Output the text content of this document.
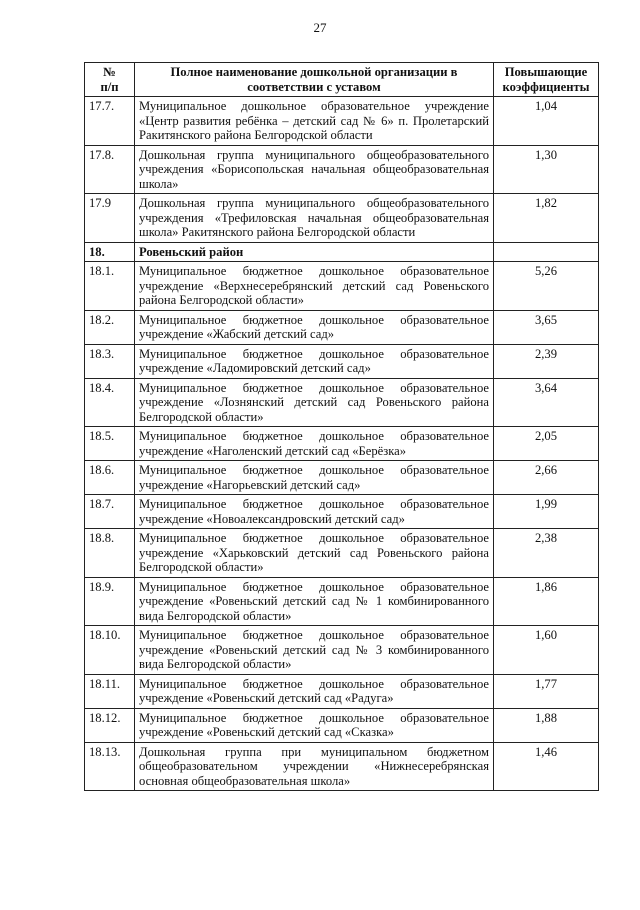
27
№
п/п	Полное наименование дошкольной организации в соответствии с уставом	Повышающие коэффициенты
17.7.	Муниципальное дошкольное образовательное учреждение «Центр развития ребёнка – детский сад № 6» п. Пролетарский Ракитянского района Белгородской области	1,04
17.8.	Дошкольная группа муниципального общеобразовательного учреждения «Борисопольская начальная общеобразовательная школа»	1,30
17.9	Дошкольная группа муниципального общеобразовательного учреждения «Трефиловская начальная общеобразовательная школа» Ракитянского района Белгородской области	1,82
18.	Ровеньский район	
18.1.	Муниципальное бюджетное дошкольное образовательное учреждение «Верхнесеребрянский детский сад Ровеньского района Белгородской области»	5,26
18.2.	Муниципальное бюджетное дошкольное образовательное учреждение «Жабский детский сад»	3,65
18.3.	Муниципальное бюджетное дошкольное образовательное учреждение «Ладомировский детский сад»	2,39
18.4.	Муниципальное бюджетное дошкольное образовательное учреждение «Лознянский детский сад Ровеньского района Белгородской области»	3,64
18.5.	Муниципальное бюджетное дошкольное образовательное учреждение «Наголенский детский сад «Берёзка»	2,05
18.6.	Муниципальное бюджетное дошкольное образовательное учреждение «Нагорьевский детский сад»	2,66
18.7.	Муниципальное бюджетное дошкольное образовательное учреждение «Новоалександровский детский сад»	1,99
18.8.	Муниципальное бюджетное дошкольное образовательное учреждение «Харьковский детский сад Ровеньского района Белгородской области»	2,38
18.9.	Муниципальное бюджетное дошкольное образовательное учреждение «Ровеньский детский сад № 1 комбинированного вида Белгородской области»	1,86
18.10.	Муниципальное бюджетное дошкольное образовательное учреждение «Ровеньский детский сад № 3 комбинированного вида Белгородской области»	1,60
18.11.	Муниципальное бюджетное дошкольное образовательное учреждение «Ровеньский детский сад «Радуга»	1,77
18.12.	Муниципальное бюджетное дошкольное образовательное учреждение «Ровеньский детский сад «Сказка»	1,88
18.13.	Дошкольная группа при муниципальном бюджетном общеобразовательном учреждении «Нижнесеребрянская основная общеобразовательная школа»	1,46
